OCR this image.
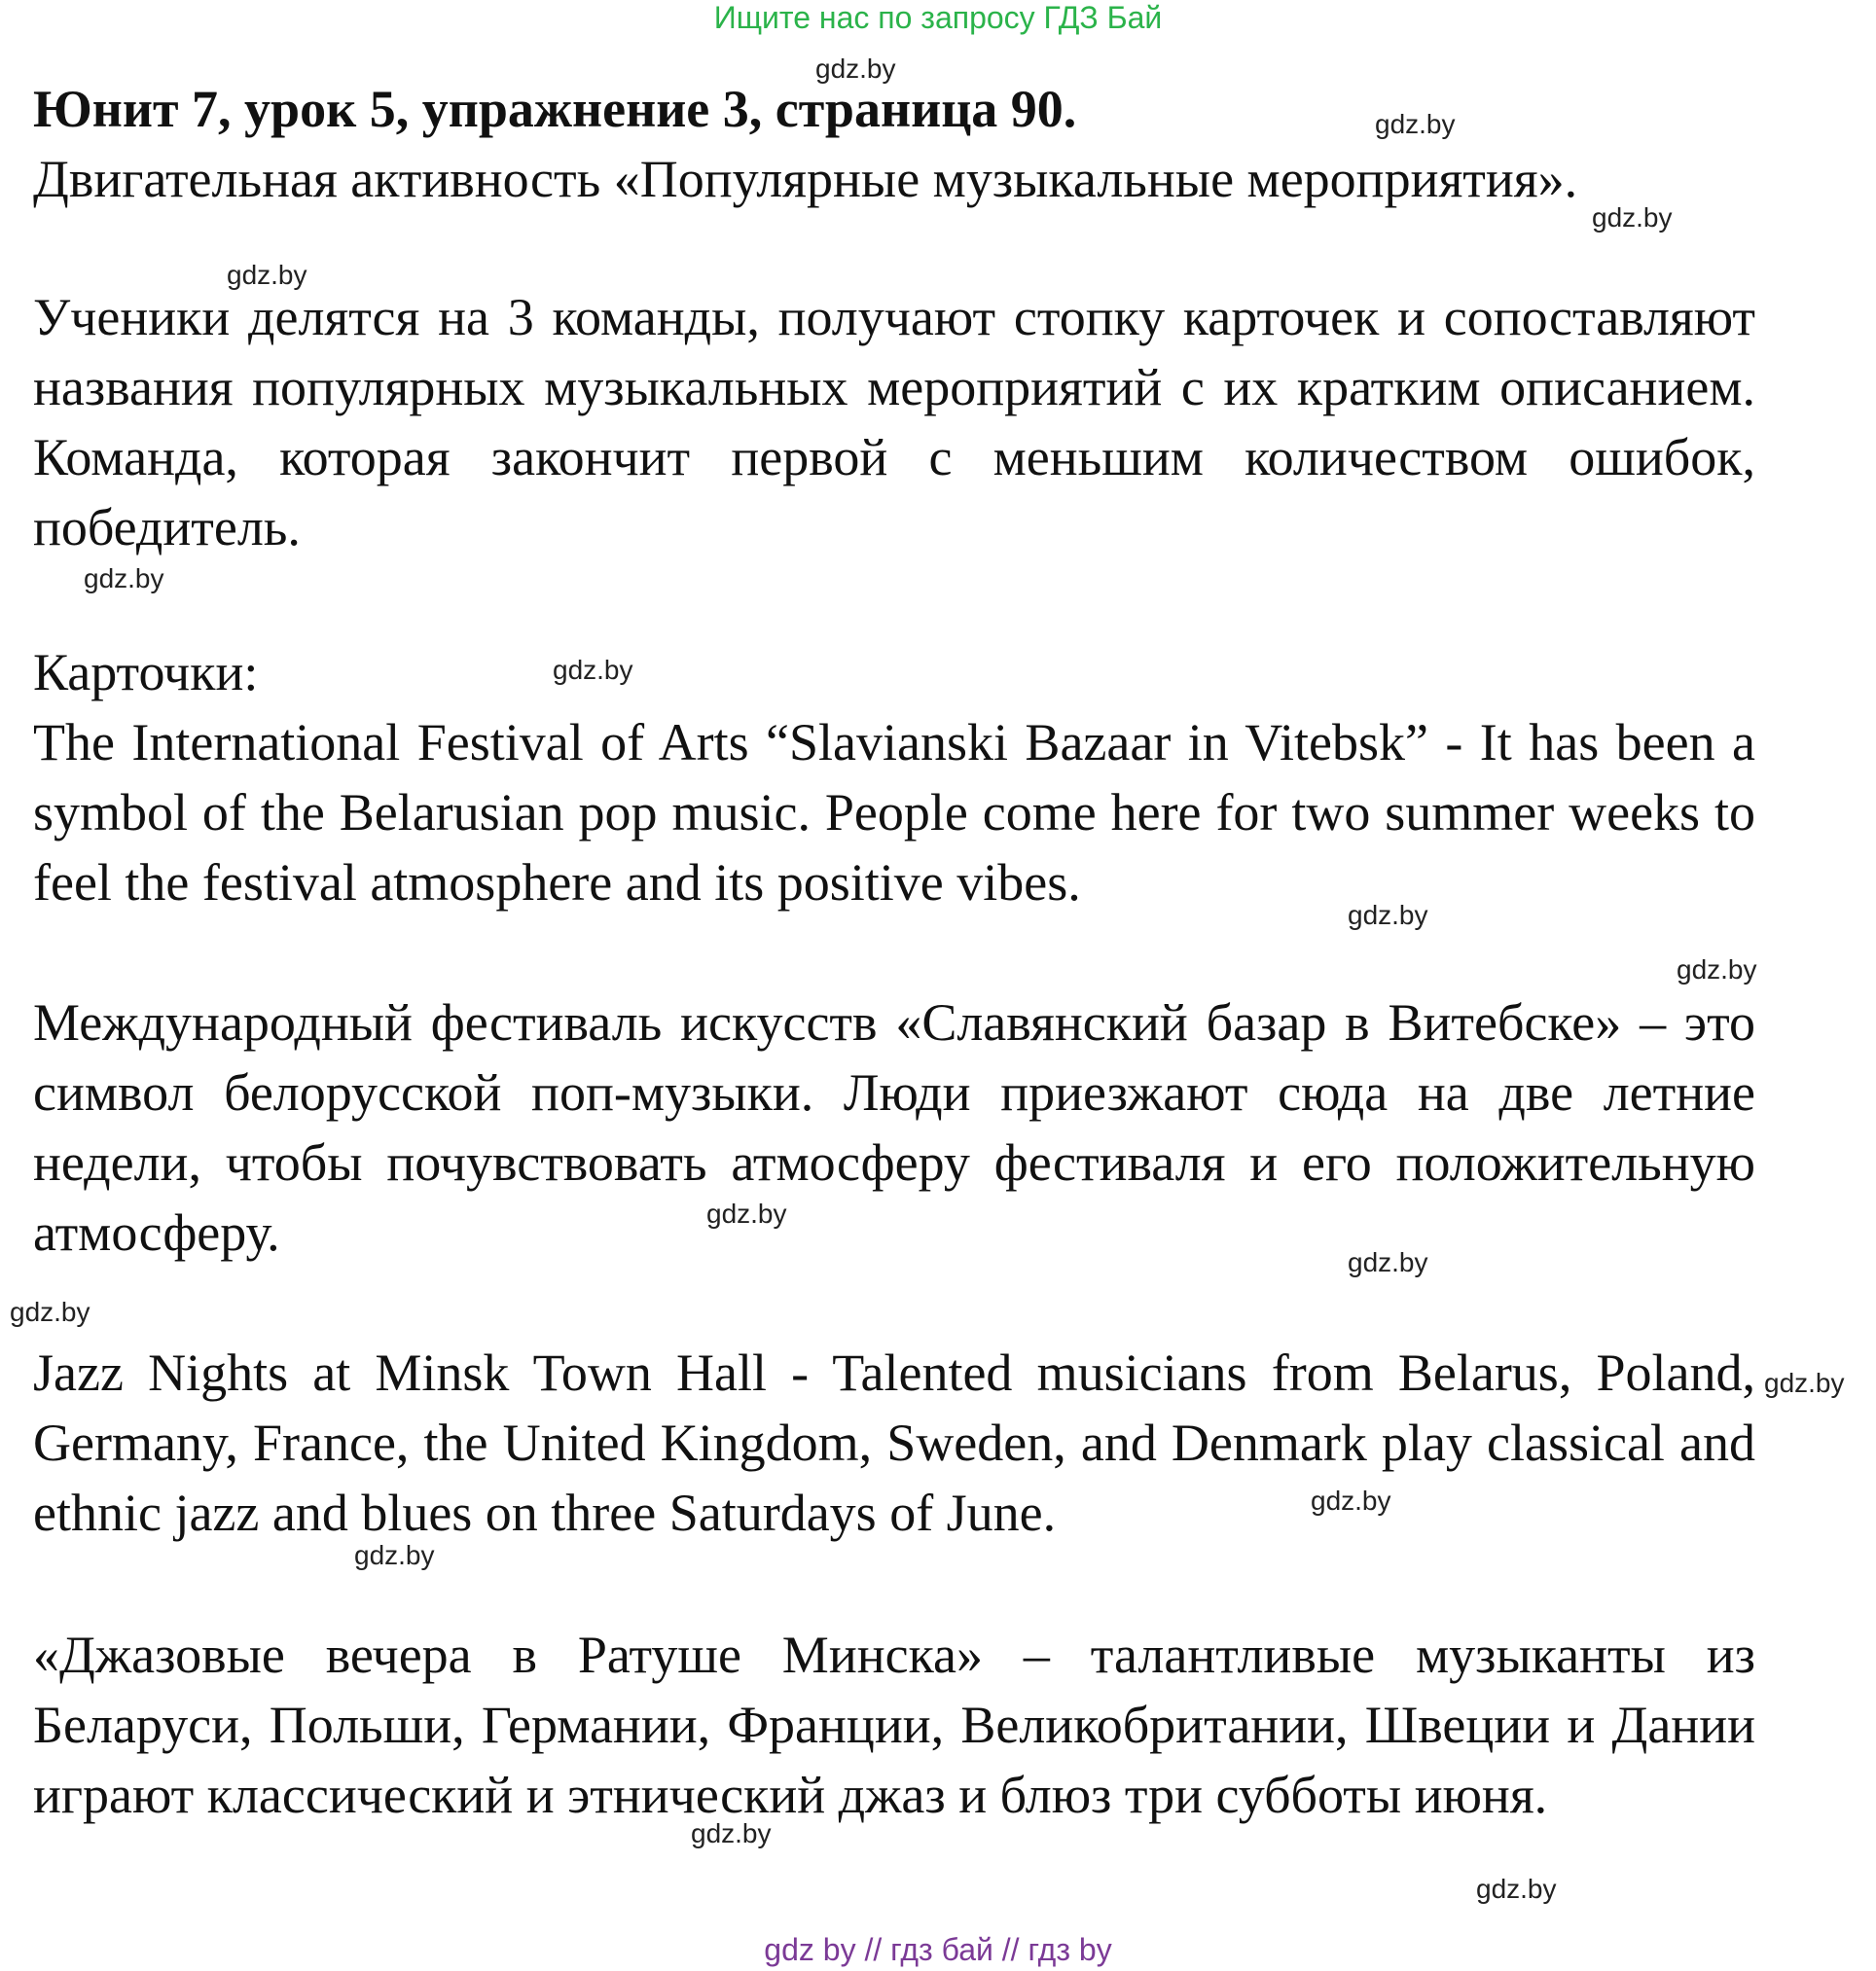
Ищите нас по запросу ГДЗ Бай
Юнит 7, урок 5, упражнение 3, страница 90.

Двигательная активность «Популярные музыкальные мероприятия».

Ученики делятся на 3 команды, получают стопку карточек и сопоставляют названия популярных музыкальных мероприятий с их кратким описанием. Команда, которая закончит первой с меньшим количеством ошибок, победитель.

Карточки:

The International Festival of Arts “Slavianski Bazaar in Vitebsk” - It has been a symbol of the Belarusian pop music. People come here for two summer weeks to feel the festival atmosphere and its positive vibes.

Международный фестиваль искусств «Славянский базар в Витебске» – это символ белорусской поп-музыки. Люди приезжают сюда на две летние недели, чтобы почувствовать атмосферу фестиваля и его положительную атмосферу.

Jazz Nights at Minsk Town Hall - Talented musicians from Belarus, Poland, Germany, France, the United Kingdom, Sweden, and Denmark play classical and ethnic jazz and blues on three Saturdays of June.

«Джазовые вечера в Ратуше Минска» – талантливые музыканты из Беларуси, Польши, Германии, Франции, Великобритании, Швеции и Дании играют классический и этнический джаз и блюз три субботы июня.

gdz.by
gdz.by
gdz.by
gdz.by
gdz.by
gdz.by
gdz.by
gdz.by
gdz.by
gdz.by
gdz.by
gdz.by
gdz.by
gdz.by
gdz.by
gdz.by
gdz by // гдз бай // гдз by
